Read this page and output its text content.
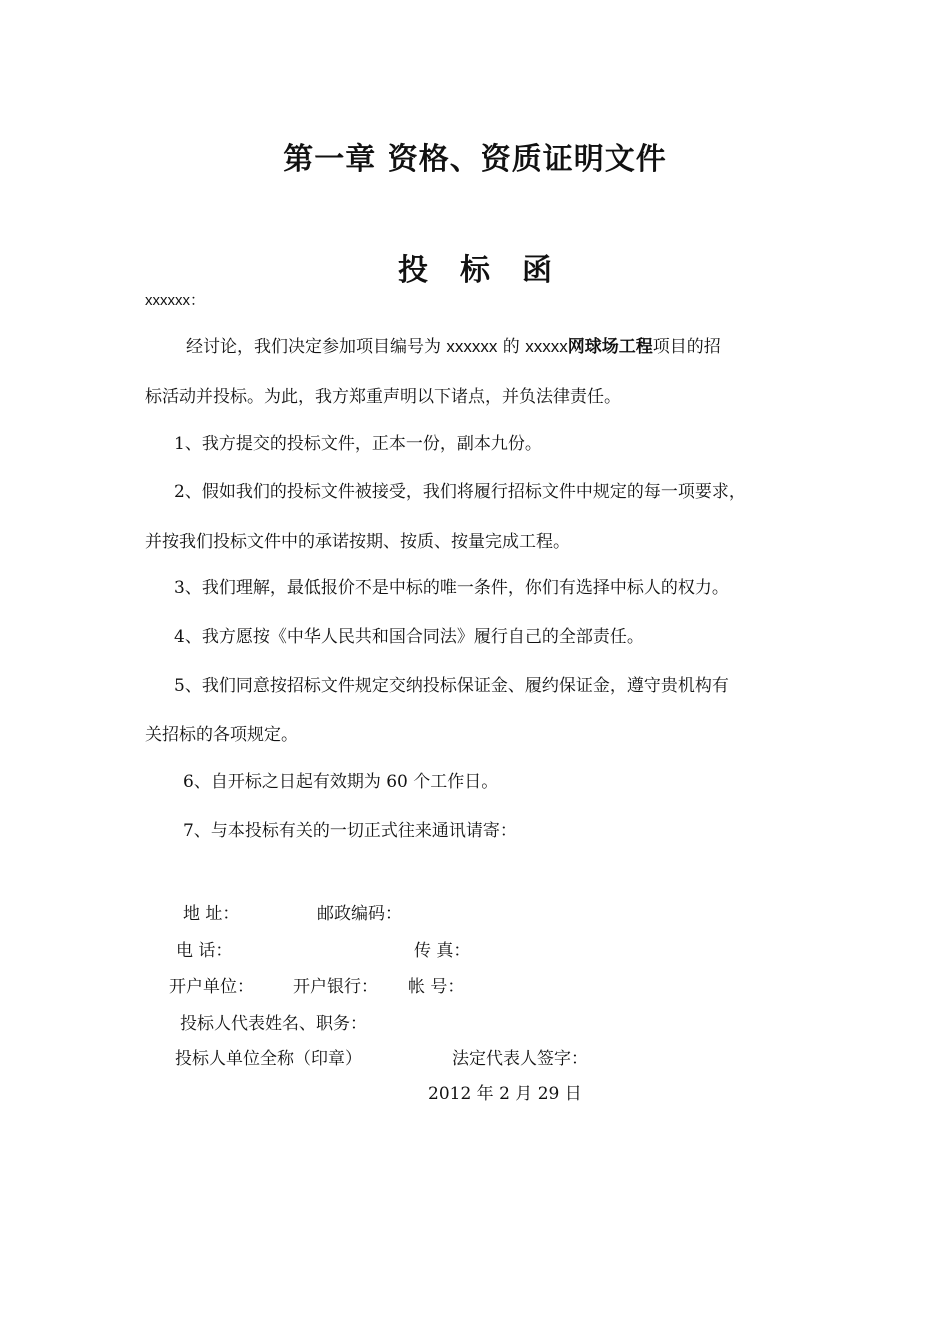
第一章 资格、资质证明文件
投标函
xxxxxx：
经讨论，我们决定参加项目编号为 xxxxxx 的 xxxxx网球场工程项目的招
标活动并投标。为此，我方郑重声明以下诸点，并负法律责任。
1、我方提交的投标文件，正本一份，副本九份。
2、假如我们的投标文件被接受，我们将履行招标文件中规定的每一项要求，
并按我们投标文件中的承诺按期、按质、按量完成工程。
3、我们理解，最低报价不是中标的唯一条件，你们有选择中标人的权力。
4、我方愿按《中华人民共和国合同法》履行自己的全部责任。
5、我们同意按招标文件规定交纳投标保证金、履约保证金，遵守贵机构有
关招标的各项规定。
6、自开标之日起有效期为 60 个工作日。
7、与本投标有关的一切正式往来通讯请寄：
地 址：	邮政编码：
电 话：	传 真：
开户单位： 开户银行： 帐 号：
投标人代表姓名、职务：
投标人单位全称（印章）	法定代表人签字：
2012 年 2 月 29 日
